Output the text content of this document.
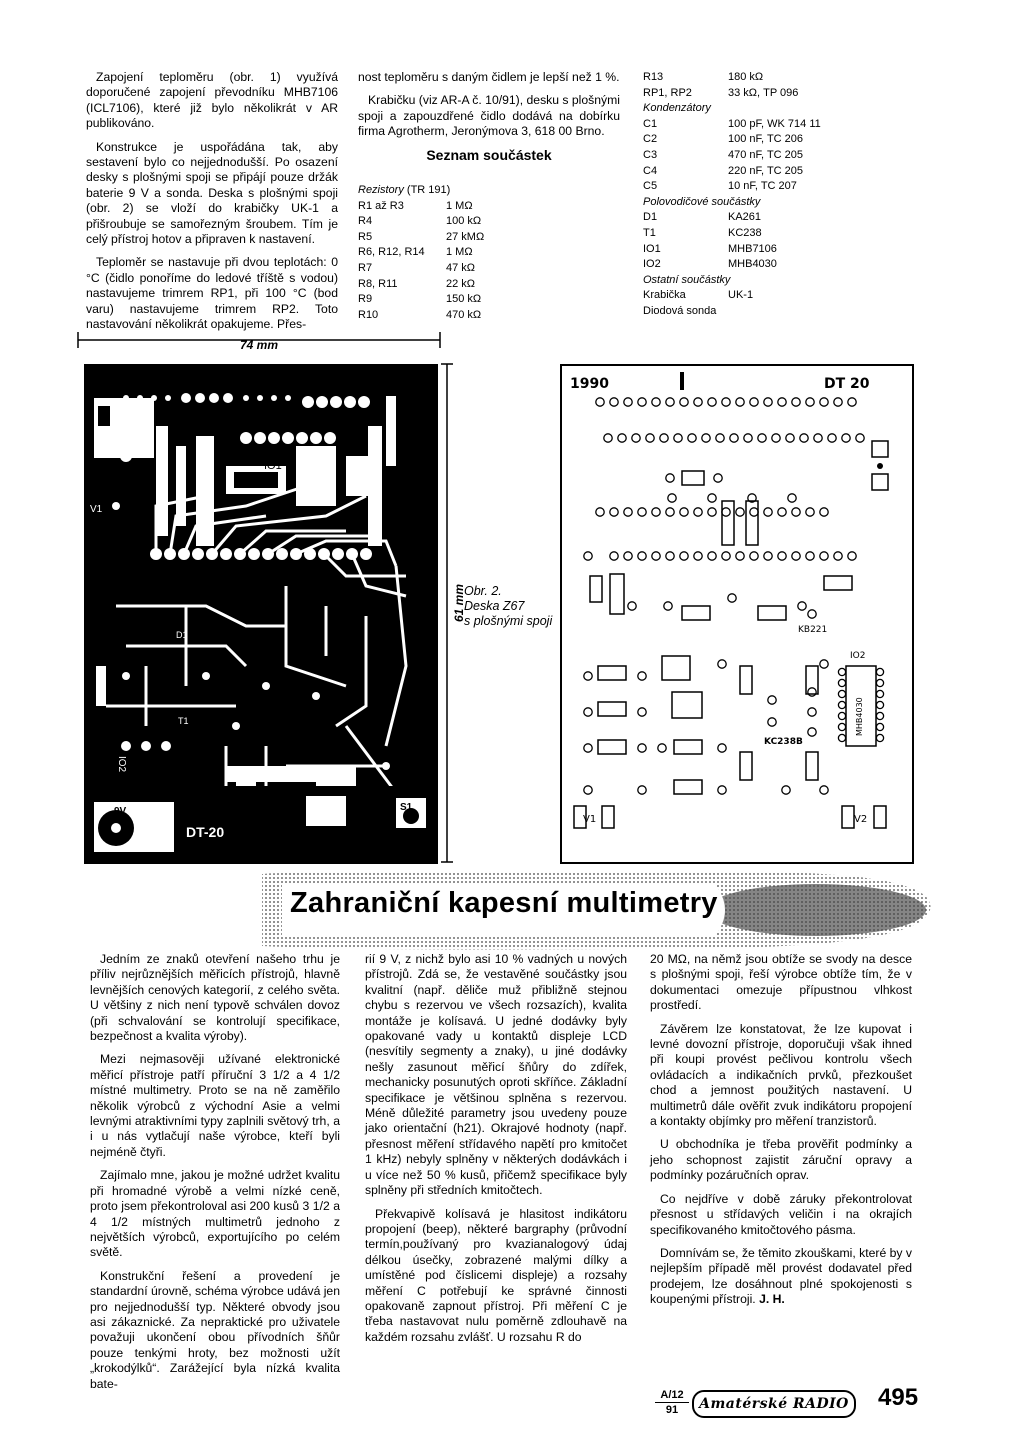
Zapojení teploměru (obr. 1) využívá doporučené zapojení převodníku MHB7106 (ICL7106), které již bylo několikrát v AR publikováno.

Konstrukce je uspořádána tak, aby sestavení bylo co nejjednodušší. Po osazení desky s plošnými spoji se připájí pouze držák baterie 9 V a sonda. Deska s plošnými spoji (obr. 2) se vloží do krabičky UK-1 a přišroubuje se samořezným šroubem. Tím je celý přístroj hotov a připraven k nastavení.

Teploměr se nastavuje při dvou teplotách: 0 °C (čidlo ponoříme do ledové tříště s vodou) nastavujeme trimrem RP1, při 100 °C (bod varu) nastavujeme trimrem RP2. Toto nastavování několikrát opakujeme. Přes-

nost teploměru s daným čidlem je lepší než 1 %.

Krabičku (viz AR-A č. 10/91), desku s plošnými spoji a zapouzdřené čidlo dodává na dobírku firma Agrotherm, Jeronýmova 3, 618 00 Brno.

Seznam součástek
Rezistory (TR 191)
R1 až R3	1 MΩ
R4	100 kΩ
R5	27 kMΩ
R6, R12, R14	1 MΩ
R7	47 kΩ
R8, R11	22 kΩ
R9	150 kΩ
R10	470 kΩ
R13	180 kΩ
RP1, RP2	33 kΩ, TP 096
Kondenzátory
C1	100 pF, WK 714 11
C2	100 nF, TC 206
C3	470 nF, TC 205
C4	220 nF, TC 205
C5	10 nF, TC 207
Polovodičové součástky
D1	KA261
T1	KC238
IO1	MHB7106
IO2	MHB4030
Ostatní součástky
Krabička	UK-1
Diodová sonda
74 mm
61 mm
IO1
V1
D1
T1
IO2
S1
9V
DT-20
Obr. 2.
Deska Z67
s plošnými spoji
1990	DT 20
V1	V2
KC238B
IO2
MHB4030
KB221
Zahraniční kapesní multimetry

Jedním ze znaků otevření našeho trhu je příliv nejrůznějších měřicích přístrojů, hlavně levnějších cenových kategorií, z celého světa. U většiny z nich není typově schválen dovoz (při schvalování se kontrolují specifikace, bezpečnost a kvalita výroby).

Mezi nejmasověji užívané elektronické měřicí přístroje patří příruční 3 1/2 a 4 1/2 místné multimetry. Proto se na ně zaměřilo několik výrobců z východní Asie a velmi levnými atraktivními typy zaplnili světový trh, a i u nás vytlačují naše výrobce, kteří byli nejméně čtyři.

Zajímalo mne, jakou je možné udržet kvalitu při hromadné výrobě a velmi nízké ceně, proto jsem překontroloval asi 200 kusů 3 1/2 a 4 1/2 místných multimetrů jednoho z největších výrobců, exportujícího po celém světě.

Konstrukční řešení a provedení je standardní úrovně, schéma výrobce udává jen pro nejjednodušší typ. Některé obvody jsou asi zákaznické. Za nepraktické pro uživatele považuji ukončení obou přívodních šňůr pouze tenkými hroty, bez možnosti užít „krokodýlků“. Zarážející byla nízká kvalita bate-

rií 9 V, z nichž bylo asi 10 % vadných u nových přístrojů. Zdá se, že vestavěné součástky jsou kvalitní (např. děliče muž přibližně stejnou chybu s rezervou ve všech rozsazích), kvalita montáže je kolísavá. U jedné dodávky byly opakované vady u kontaktů displeje LCD (nesvítily segmenty a znaky), u jiné dodávky nešly zasunout měřicí šňůry do zdířek, mechanicky posunutých oproti skříňce. Základní specifikace je většinou splněna s rezervou. Méně důležité parametry jsou uvedeny pouze jako orientační (h21). Okrajové hodnoty (např. přesnost měření střídavého napětí pro kmitočet 1 kHz) nebyly splněny v některých dodávkách i u více než 50 % kusů, přičemž specifikace byly splněny při středních kmitočtech.

Překvapivě kolísavá je hlasitost indikátoru propojení (beep), některé bargraphy (průvodní termín,používaný pro kvazianalogový údaj délkou úsečky, zobrazené malými dílky a umístěné pod číslicemi displeje) a rozsahy měření C potřebují ke správné činnosti opakovaně zapnout přístroj. Při měření C je třeba nastavovat nulu poměrně zdlouhavě na každém rozsahu zvlášť. U rozsahu R do

20 MΩ, na němž jsou obtíže se svody na desce s plošnými spoji, řeší výrobce obtíže tím, že v dokumentaci omezuje přípustnou vlhkost prostředí.

Závěrem lze konstatovat, že lze kupovat i levné dovozní přístroje, doporučuji však ihned při koupi provést pečlivou kontrolu všech ovládacích a indikačních prvků, přezkoušet chod a jemnost použitých nastavení. U multimetrů dále ověřit zvuk indikátoru propojení a kontakty objímky pro měření tranzistorů.

U obchodníka je třeba prověřit podmínky a jeho schopnost zajistit záruční opravy a podmínky pozáručních oprav.

Co nejdříve v době záruky překontrolovat přesnost u střídavých veličin i na okrajích specifikovaného kmitočtového pásma.

Domnívám se, že těmito zkouškami, které by v nejlepším případě měl provést dodavatel před prodejem, lze dosáhnout plné spokojenosti s koupenými přístroji. J. H.

A/12
91	Amatérské RADIO 495
